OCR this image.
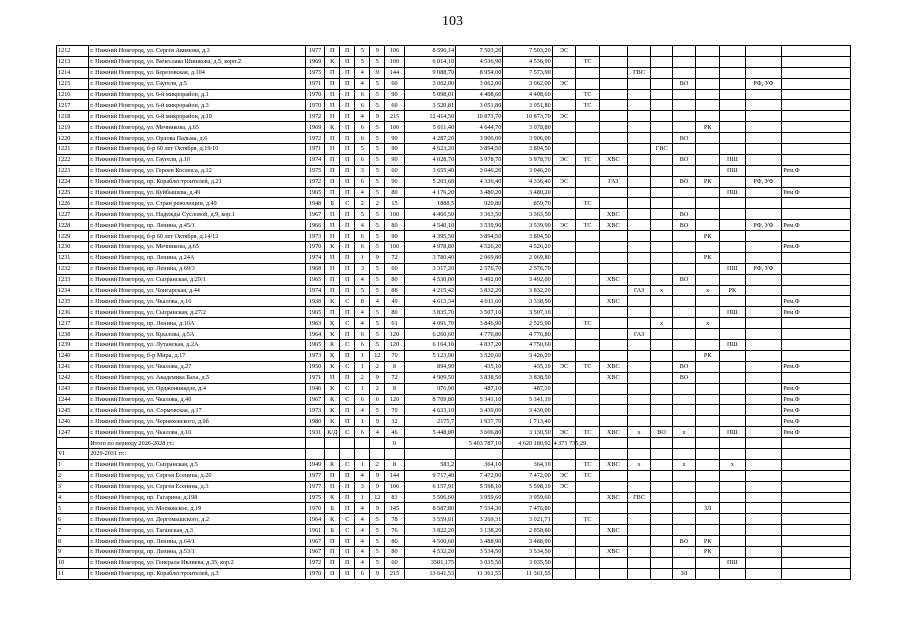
103
1212	г. Нижний Новгород, ул. Сергея Акимова, д.3	1977	П	П	5	9	106	8 596,14	7 503,20	7 503,20	ЭС									
1213	г. Нижний Новгород, ул. Вячеслава Шишкова, д.5, корп.2	1969	К	П	5	5	100	6 014,10	4 536,90	4 536,90		ТС								
1214	г. Нижний Новгород, ул. Березовская, д.104	1975	П	П	4	9	144	9 088,70	8 954,00	7 573,90				ГВС						
1215	г. Нижний Новгород, ул. Гаугеля, д.5	1971	П	П	4	5	60	3 062,00	3 062,00	3 062,00	ЭС					ВО			РФ, УФ	
1216	г. Нижний Новгород, ул. 6-й микрорайон, д.1	1970	П	П	6	5	90	5 098,01	4 408,60	4 408,60		ТС								
1217	г. Нижний Новгород, ул. 6-й микрорайон, д.3	1970	П	П	6	5	60	3 520,81	3 051,80	3 051,80		ТС								
1218	г. Нижний Новгород, ул. 6-й микрорайон, д.19	1972	П	П	4	9	215	12 414,50	10 873,70	10 873,70	ЭС									
1219	г. Нижний Новгород, ул. Мечникова, д.65	1969	К	П	6	5	100	5 011,40	4 644,70	3 078,80							РК			
1220	г. Нижний Новгород, ул. Орлова Пальма, д.6	1972	П	П	6	5	90	4 287,20	3 906,00	3 906,00						ВО				
1221	г. Нижний Новгород, б-р 60 лет Октября, д.19/10	1971	П	П	5	5	90	4 623,20	3 894,50	3 894,50					ГВС					
1222	г. Нижний Новгород, ул. Гаугеля, д.10	1974	П	П	6	5	90	4 028,70	3 978,70	3 978,70	ЭС	ТС	ХВС			ВО		ПШ		
1223	г. Нижний Новгород, ул. Героев Космоса, д.12	1975	П	П	3	5	60	3 655,40	3 046,20	3 046,20								ПШ		Рем.Ф
1224	г. Нижний Новгород, пр. Кораблестроителей, д.21	1972	П	П	6	5	90	5 203,68	4 336,40	4 336,40	ЭС		ГАЗ			ВО	РК		РФ, УФ	
1225	г. Нижний Новгород, ул. Куйбышева, д.49	1965	П	П	4	5	80	4 176,20	3 480,20	3 480,20								ПШ		Рем.Ф
1226	г. Нижний Новгород, ул. Стран революции, д.49	1948	Б	С	2	2	15	1888,5	920,80	859,70		ТС								
1227	г. Нижний Новгород, ул. Надежды Сусловой, д.9, кор.1	1967	П	П	5	5	100	4 466,50	3 363,50	3 363,50			ХВС			ВО				
1228	г. Нижний Новгород, пр. Ленина, д.45/1	1966	П	П	4	5	80	4 540,10	3 539,90	3 539,90	ЭС	ТС	ХВС			ВО			РФ, УФ	Рем.Ф
1229	г. Нижний Новгород, б-р 60 лет Октября, д.14/12	1973	П	П	6	5	90	4 395,50	3 894,50	3 894,50							РК			
1230	г. Нижний Новгород, ул. Мечникова, д.65	1970	К	П	6	5	100	4 978,80	4 526,20	4 526,20										Рем.Ф
1231	г. Нижний Новгород, пр. Ленина, д.24А	1974	П	П	1	9	72	3 780,40	2 969,80	2 969,80							РК			
1232	г. Нижний Новгород, пр. Ленина, д.69/3	1968	П	П	3	5	60	3 317,20	2 576,70	2 576,70								ПШ	РФ, УФ	
1233	г. Нижний Новгород, ул. Сызранская, д.29/1	1965	П	П	4	5	80	4 530,00	3 492,00	3 492,00			ХВС			ВО				
1234	г. Нижний Новгород, ул. Чонгарская, д.44	1974	П	П	5	5	88	4 215,42	3 832,20	3 832,20				ГАЗ	х		х	РК		
1235	г. Нижний Новгород, ул. Чкалова, д.16	1938	К	С	8	4	49	4 613,34	4 011,60	3 338,50			ХВС							Рем.Ф
1236	г. Нижний Новгород, ул. Сызранская, д.27/2	1965	П	П	4	5	80	3 835,70	3 507,10	3 507,10								ПШ		Рем.Ф
1237	г. Нижний Новгород, пр. Ленина, д.10А	1963	К	С	4	5	61	4 091,70	3 846,90	2 525,90		ТС			х		х			
1238	г. Нижний Новгород, ул. Крылова, д.5А	1964	К	П	6	5	120	6 260,60	4 776,80	4 776,80				ГАЗ						
1239	г. Нижний Новгород, ул. Лутанская, д.2А	1965	К	С	6	5	120	6 164,10	4 837,20	4 750,60								ПШ		
1240	г. Нижний Новгород, б-р Мира, д.17	1973	К	П	1	12	70	5 123,90	3 520,60	3 426,20							РК			
1241	г. Нижний Новгород, ул. Чкалова, д.27	1950	К	С	1	2	8	894,90	435,10	435,10	ЭС	ТС	ХВС			ВО				Рем.Ф
1242	г. Нижний Новгород, ул. Академика Баха, д.5	1971	П	П	2	9	72	4 909,50	3 838,50	3 838,50			ХВС			ВО				
1243	г. Нижний Новгород, ул. Орджоникидзе, д.4	1946	К	С	1	2	8	976,90	487,10	487,10										Рем.Ф
1244	г. Нижний Новгород, ул. Чкалова, д.4б	1967	К	С	6	6	120	8 709,80	5 341,10	5 341,10										Рем.Ф
1245	г. Нижний Новгород, пл. Сормовская, д.17	1973	К	П	4	5	70	4 633,10	3 430,00	3 430,00										Рем.Ф
1246	г. Нижний Новгород, ул. Черняховского, д.9б	1980	К	П	1	9	32	2175,7	1 937,70	1 713,40										Рем.Ф
1247	г. Нижний Новгород, ул. Чкалова, д.10	1931	К/Д	С	6	4	46	5 448,80	3 606,80	3 130,50	ЭС	ТС	ХВС	х	ВО	х		ПШ		Рем.Ф
	Итого по периоду 2026-2028 гг.:						0		5 403 787,10	4 620 180,92	4 371 735,29									
VI	2029-2031 гг.:																			
1	г. Нижний Новгород, ул. Сызранская, д.5	1949	К	С	1	2	8	583,2	364,10	364,10		ТС	ХВС	х		х		х		
2	г. Нижний Новгород, ул. Сергея Есенина, д.20	1977	П	П	4	9	144	9 717,40	7 472,00	7 472,00	ЭС	ТС								
3	г. Нижний Новгород, ул. Сергея Есенина, д.3	1977	П	П	3	9	106	6 157,91	5 598,10	5 598,10	ЭС									
4	г. Нижний Новгород, пр. Гагарина, д.198	1975	К	П	1	12	81	5 506,60	3 959,60	3 959,60			ХВС	ГВС						
5	г. Нижний Новгород, ул. Московское, д.19	1970	Б	П	4	9	145	8 587,80	7 534,30	7 476,80							ЗЛ			
6	г. Нижний Новгород, ул. Дергомышского, д.2	1964	К	С	4	5	78	3 559,01	3 269,31	3 021,71		ТС								
7	г. Нижний Новгород, ул. Таганская, д.3	1961	Б	С	4	5	76	3 822,20	3 138,20	2 858,80			ХВС							
8	г. Нижний Новгород, пр. Ленина, д.64/1	1967	П	П	4	5	80	4 500,60	3 488,90	3 488,90						ВО	РК			
9	г. Нижний Новгород, пр. Ленина, д.53/1	1967	П	П	4	5	80	4 532,20	3 534,50	3 534,50			ХВС				РК			
10	г. Нижний Новгород, ул. Генерала Ивлиева, д.35, кор.2	1972	П	П	4	5	60	3501,175	3 035,50	3 035,50								ПШ		
11	г. Нижний Новгород, пр. Кораблестроителей, д.3	1970	П	П	6	9	215	13 641,53	11 361,55	11 361,55						ЗЛ				
